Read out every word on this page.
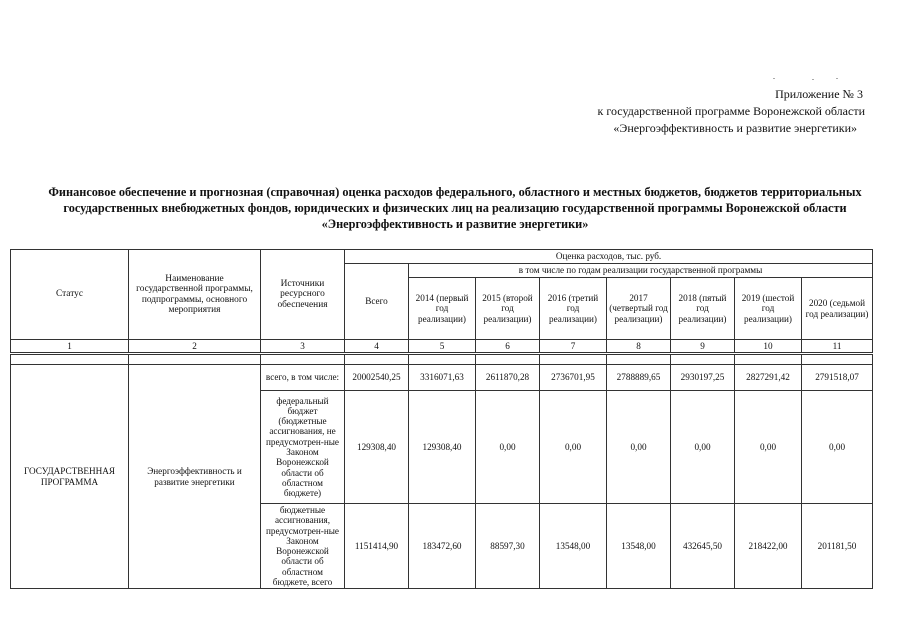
Приложение № 3
к государственной программе Воронежской области
«Энергоэффективность и развитие энергетики»
Финансовое обеспечение и прогнозная (справочная) оценка расходов федерального, областного и местных бюджетов, бюджетов территориальных государственных внебюджетных фондов, юридических и физических лиц на реализацию государственной программы Воронежской области «Энергоэффективность и развитие энергетики»
Статус	Наименование государственной программы, подпрограммы, основного мероприятия	Источники ресурсного обеспечения	Оценка расходов, тыс. руб.							
			Всего	в том числе по годам реализации государственной программы						
				2014 (первый год реализации)	2015 (второй год реализации)	2016 (третий год реализации)	2017 (четвертый год реализации)	2018 (пятый год реализации)	2019 (шестой год реализации)	2020 (седьмой год реализации)
1	2	3	4	5	6	7	8	9	10	11

ГОСУДАРСТВЕННАЯ ПРОГРАММА	Энергоэффективность и развитие энергетики	всего, в том числе:	20002540,25	3316071,63	2611870,28	2736701,95	2788889,65	2930197,25	2827291,42	2791518,07
		федеральный бюджет (бюджетные ассигнования, не предусмотрен-ные Законом Воронежской области об областном бюджете)	129308,40	129308,40	0,00	0,00	0,00	0,00	0,00	0,00
		бюджетные ассигнования, предусмотрен-ные Законом Воронежской области об областном бюджете, всего	1151414,90	183472,60	88597,30	13548,00	13548,00	432645,50	218422,00	201181,50
